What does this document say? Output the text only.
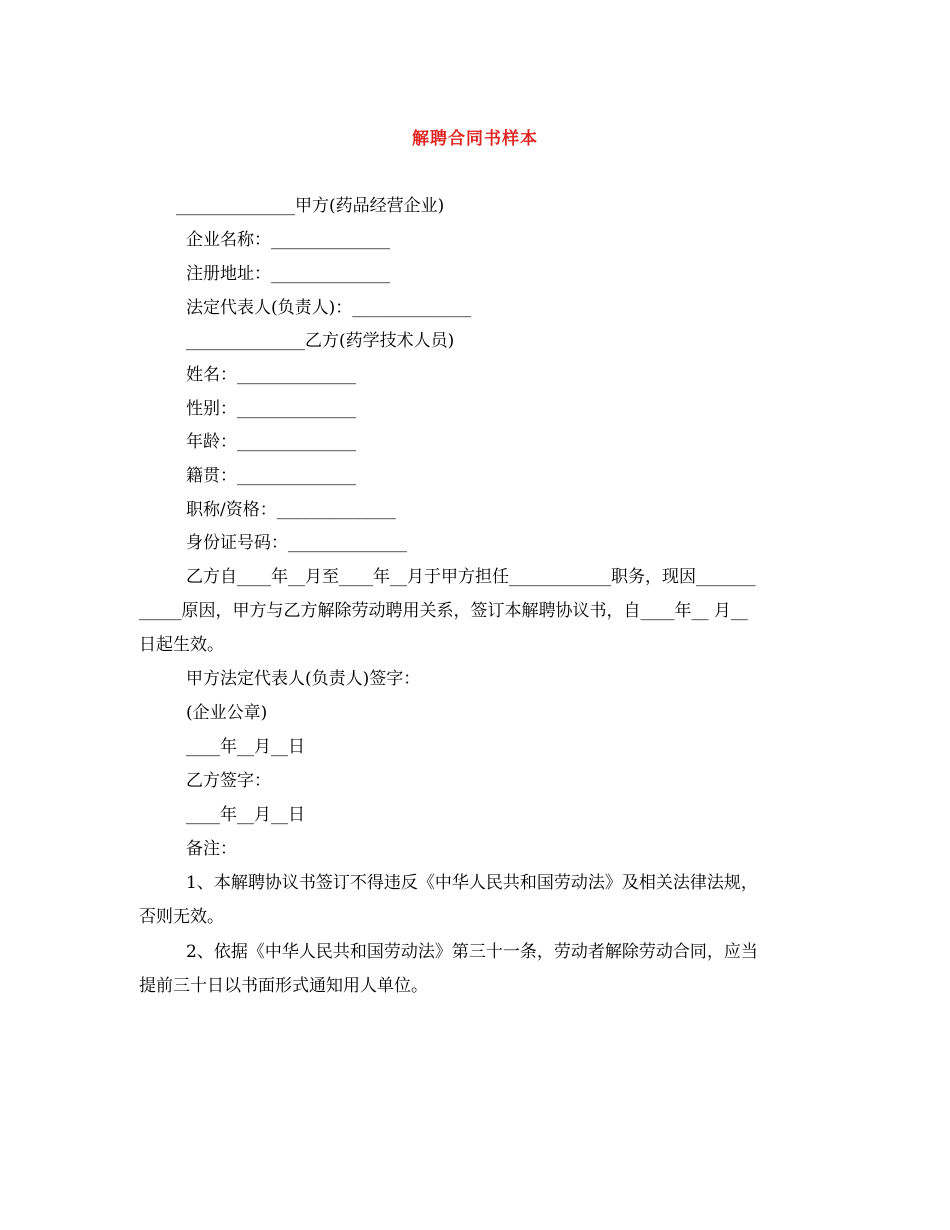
解聘合同书样本
______________甲方(药品经营企业)
企业名称：______________
注册地址：______________
法定代表人(负责人)：______________
______________乙方(药学技术人员)
姓名：______________
性别：______________
年龄：______________
籍贯：______________
职称/资格：______________
身份证号码：______________
乙方自____年__月至____年__月于甲方担任____________职务，现因_______
_____原因，甲方与乙方解除劳动聘用关系，签订本解聘协议书，自____年__ 月__
日起生效。
甲方法定代表人(负责人)签字：
(企业公章)
____年__月__日
乙方签字：
____年__月__日
备注：
1、本解聘协议书签订不得违反《中华人民共和国劳动法》及相关法律法规，
否则无效。
2、依据《中华人民共和国劳动法》第三十一条，劳动者解除劳动合同，应当
提前三十日以书面形式通知用人单位。
